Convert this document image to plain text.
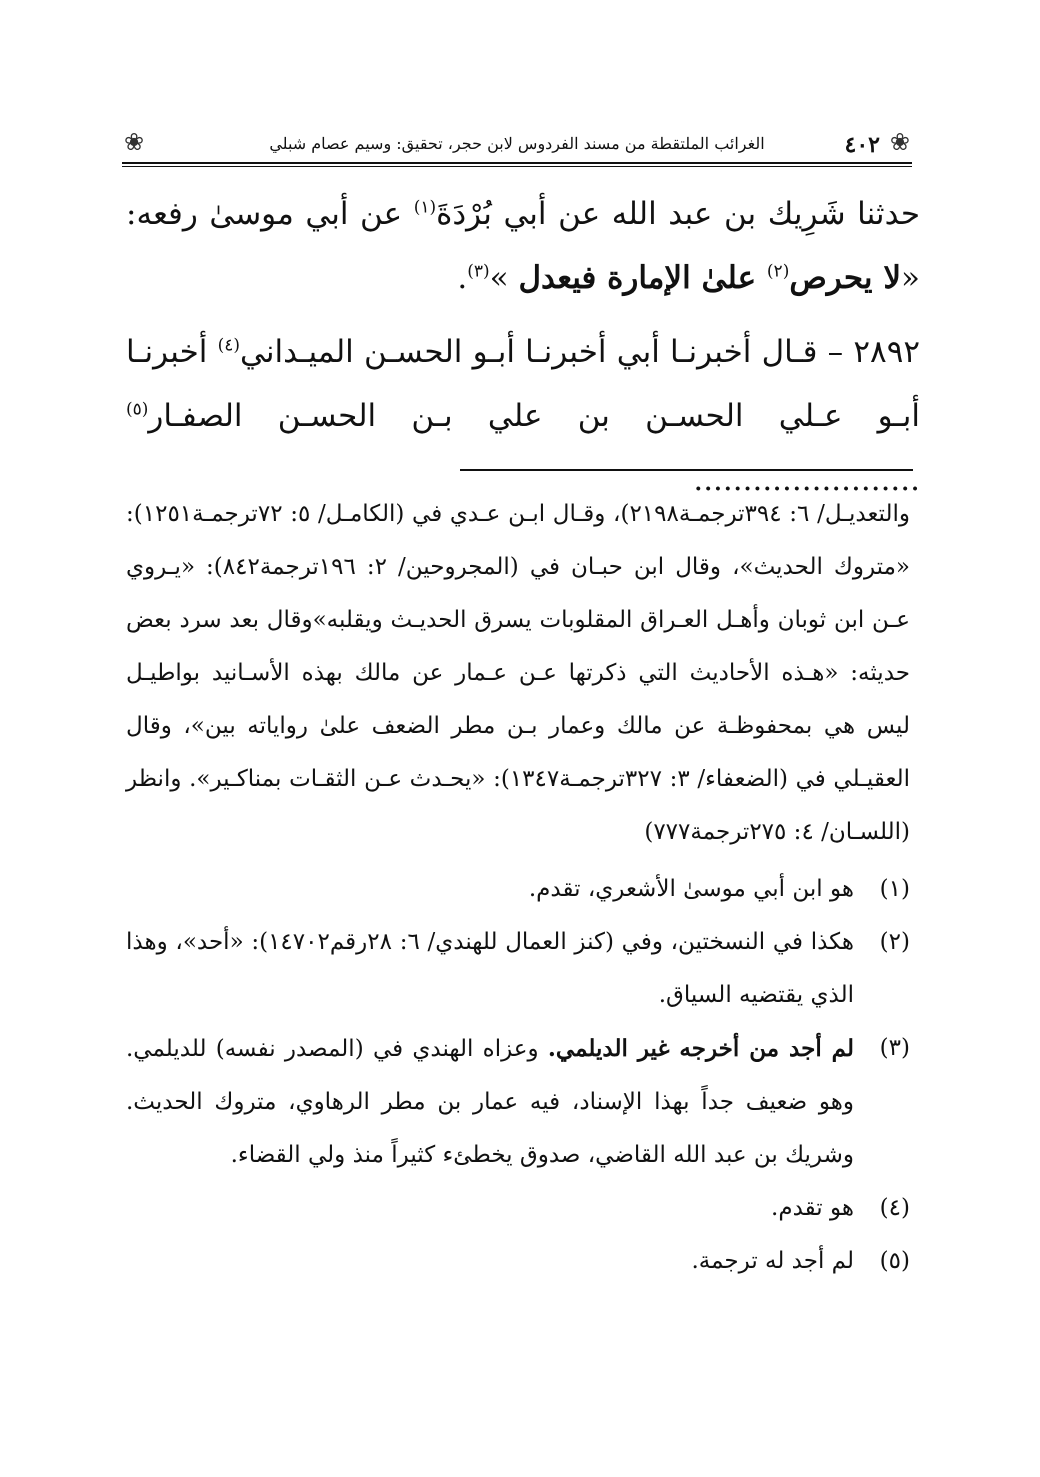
❀
٤٠٢
الغرائب الملتقطة من مسند الفردوس لابن حجر، تحقيق: وسيم عصام شبلي
❀

حدثنا شَرِيك بن عبد الله عن أبي بُرْدَةَ$^{(١)}$ عن أبي موسىٰ رفعه: «لا يحرص$^{(٢)}$ علىٰ الإمارة فيعدل »$^{(٣)}$.

٢٨٩٢ – قـال أخبرنـا أبي أخبرنـا أبـو الحسـن الميـداني$^{(٤)}$ أخبرنـا أبـو عـلي الحسـن بن علي بـن الحسـن الصفـار$^{(٥)}$ .......................

والتعديـل/ ٦: ٣٩٤ترجمـة٢١٩٨)، وقـال ابـن عـدي في (الكامـل/ ٥: ٧٢ترجمـة١٢٥١): «متروك الحديث»، وقال ابن حبـان في (المجروحين/ ٢: ١٩٦ترجمة٨٤٢): «يـروي عـن ابن ثوبان وأهـل العـراق المقلوبات يسرق الحديـث ويقلبه»وقال بعد سرد بعض حديثه: «هـذه الأحاديث التي ذكرتها عـن عـمار عن مالك بهذه الأسـانيد بواطيـل ليس هي بمحفوظـة عن مالك وعمار بـن مطر الضعف علىٰ رواياته بين»، وقال العقيـلي في (الضعفاء/ ٣: ٣٢٧ترجمـة١٣٤٧): «يحـدث عـن الثقـات بمناكـير». وانظر (اللسـان/ ٤: ٢٧٥ترجمة٧٧٧)

(١)
هو ابن أبي موسىٰ الأشعري، تقدم.
(٢)
هكذا في النسختين، وفي (كنز العمال للهندي/ ٦: ٢٨رقم١٤٧٠٢): «أحد»، وهذا الذي يقتضيه السياق.
(٣)
لم أجد من أخرجه غير الديلمي. وعزاه الهندي في (المصدر نفسه) للديلمي. وهو ضعيف جداً بهذا الإسناد، فيه عمار بن مطر الرهاوي، متروك الحديث. وشريك بن عبد الله القاضي، صدوق يخطئء كثيراً منذ ولي القضاء.
(٤)
هو تقدم.
(٥)
لم أجد له ترجمة.
